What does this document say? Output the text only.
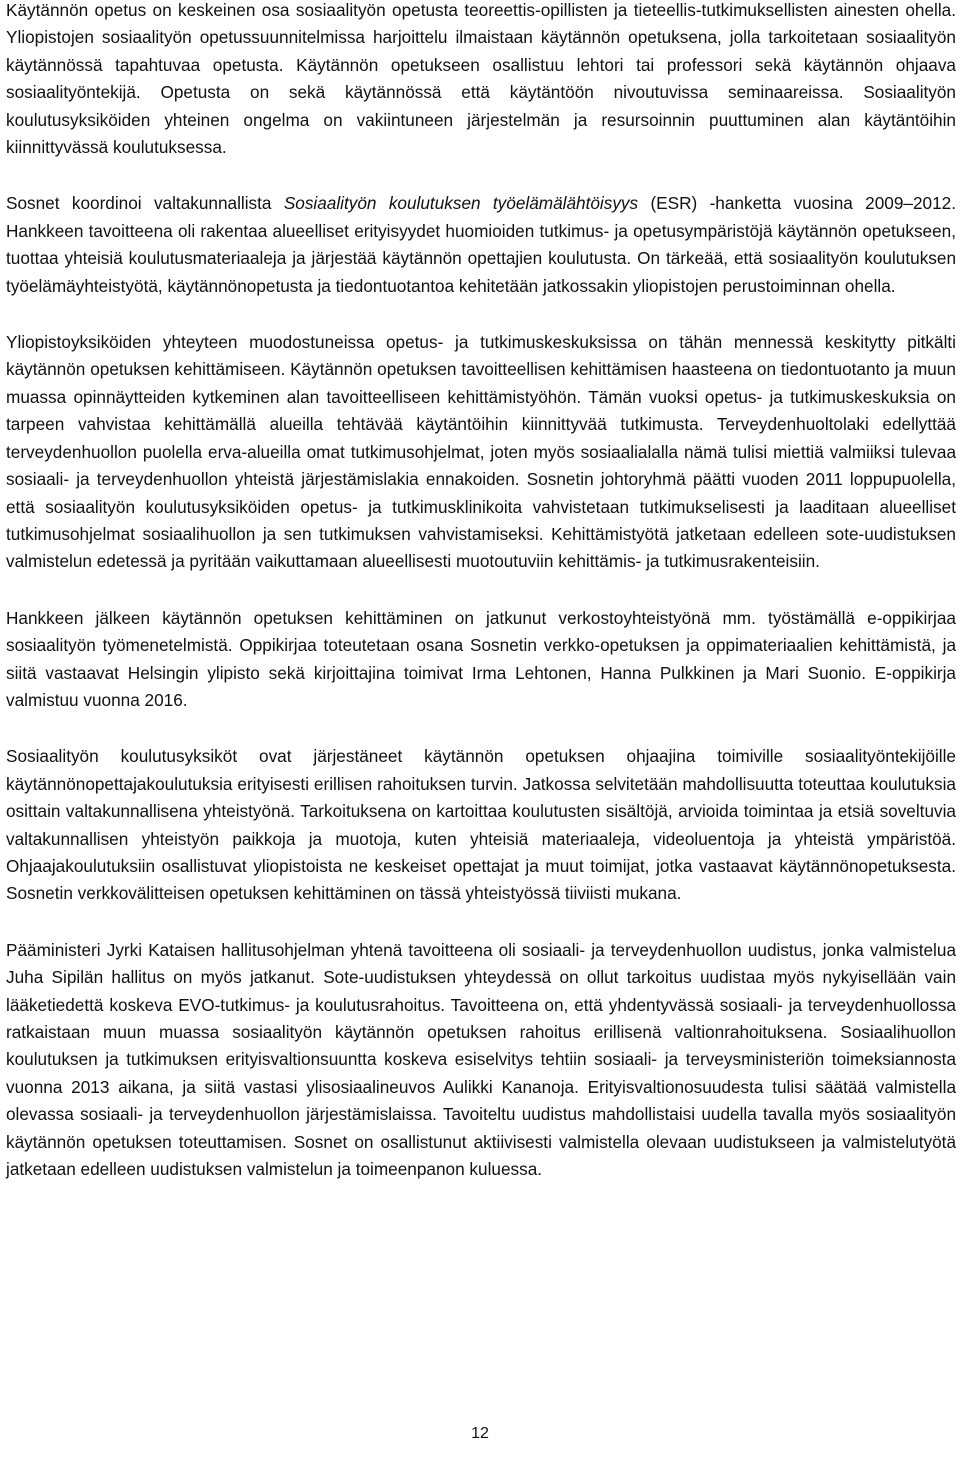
Käytännön opetus on keskeinen osa sosiaalityön opetusta teoreettis-opillisten ja tieteellis-tutkimuksellisten ainesten ohella. Yliopistojen sosiaalityön opetussuunnitelmissa harjoittelu ilmaistaan käytännön opetuksena, jolla tarkoitetaan sosiaalityön käytännössä tapahtuvaa opetusta. Käytännön opetukseen osallistuu lehtori tai professori sekä käytännön ohjaava sosiaalityöntekijä. Opetusta on sekä käytännössä että käytäntöön nivoutuvissa seminaareissa. Sosiaalityön koulutusyksiköiden yhteinen ongelma on vakiintuneen järjestelmän ja resursoinnin puuttuminen alan käytäntöihin kiinnittyvässä koulutuksessa.

Sosnet koordinoi valtakunnallista Sosiaalityön koulutuksen työelämälähtöisyys (ESR) -hanketta vuosina 2009–2012. Hankkeen tavoitteena oli rakentaa alueelliset erityisyydet huomioiden tutkimus- ja opetusympäristöjä käytännön opetukseen, tuottaa yhteisiä koulutusmateriaaleja ja järjestää käytännön opettajien koulutusta. On tärkeää, että sosiaalityön koulutuksen työelämäyhteistyötä, käytännönopetusta ja tiedontuotantoa kehitetään jatkossakin yliopistojen perustoiminnan ohella.

Yliopistoyksiköiden yhteyteen muodostuneissa opetus- ja tutkimuskeskuksissa on tähän mennessä keskitytty pitkälti käytännön opetuksen kehittämiseen. Käytännön opetuksen tavoitteellisen kehittämisen haasteena on tiedontuotanto ja muun muassa opinnäytteiden kytkeminen alan tavoitteelliseen kehittämistyöhön. Tämän vuoksi opetus- ja tutkimuskeskuksia on tarpeen vahvistaa kehittämällä alueilla tehtävää käytäntöihin kiinnittyvää tutkimusta. Terveydenhuoltolaki edellyttää terveydenhuollon puolella erva-alueilla omat tutkimusohjelmat, joten myös sosiaalialalla nämä tulisi miettiä valmiiksi tulevaa sosiaali- ja terveydenhuollon yhteistä järjestämislakia ennakoiden. Sosnetin johtoryhmä päätti vuoden 2011 loppupuolella, että sosiaalityön koulutusyksiköiden opetus- ja tutkimusklinikoita vahvistetaan tutkimukselisesti ja laaditaan alueelliset tutkimusohjelmat sosiaalihuollon ja sen tutkimuksen vahvistamiseksi. Kehittämistyötä jatketaan edelleen sote-uudistuksen valmistelun edetessä ja pyritään vaikuttamaan alueellisesti muotoutuviin kehittämis- ja tutkimusrakenteisiin.

Hankkeen jälkeen käytännön opetuksen kehittäminen on jatkunut verkostoyhteistyönä mm. työstämällä e-oppikirjaa sosiaalityön työmenetelmistä. Oppikirjaa toteutetaan osana Sosnetin verkko-opetuksen ja oppimateriaalien kehittämistä, ja siitä vastaavat Helsingin ylipisto sekä kirjoittajina toimivat Irma Lehtonen, Hanna Pulkkinen ja Mari Suonio. E-oppikirja valmistuu vuonna 2016.

Sosiaalityön koulutusyksiköt ovat järjestäneet käytännön opetuksen ohjaajina toimiville sosiaalityöntekijöille käytännönopettajakoulutuksia erityisesti erillisen rahoituksen turvin. Jatkossa selvitetään mahdollisuutta toteuttaa koulutuksia osittain valtakunnallisena yhteistyönä. Tarkoituksena on kartoittaa koulutusten sisältöjä, arvioida toimintaa ja etsiä soveltuvia valtakunnallisen yhteistyön paikkoja ja muotoja, kuten yhteisiä materiaaleja, videoluentoja ja yhteistä ympäristöä. Ohjaajakoulutuksiin osallistuvat yliopistoista ne keskeiset opettajat ja muut toimijat, jotka vastaavat käytännönopetuksesta. Sosnetin verkkovälitteisen opetuksen kehittäminen on tässä yhteistyössä tiiviisti mukana.

Pääministeri Jyrki Kataisen hallitusohjelman yhtenä tavoitteena oli sosiaali- ja terveydenhuollon uudistus, jonka valmistelua Juha Sipilän hallitus on myös jatkanut. Sote-uudistuksen yhteydessä on ollut tarkoitus uudistaa myös nykyisellään vain lääketiedettä koskeva EVO-tutkimus- ja koulutusrahoitus. Tavoitteena on, että yhdentyvässä sosiaali- ja terveydenhuollossa ratkaistaan muun muassa sosiaalityön käytännön opetuksen rahoitus erillisenä valtionrahoituksena. Sosiaalihuollon koulutuksen ja tutkimuksen erityisvaltionsuuntta koskeva esiselvitys tehtiin sosiaali- ja terveysministeriön toimeksiannosta vuonna 2013 aikana, ja siitä vastasi ylisosiaalineuvos Aulikki Kananoja. Erityisvaltionosuudesta tulisi säätää valmistella olevassa sosiaali- ja terveydenhuollon järjestämislaissa. Tavoiteltu uudistus mahdollistaisi uudella tavalla myös sosiaalityön käytännön opetuksen toteuttamisen. Sosnet on osallistunut aktiivisesti valmistella olevaan uudistukseen ja valmistelutyötä jatketaan edelleen uudistuksen valmistelun ja toimeenpanon kuluessa.

12
